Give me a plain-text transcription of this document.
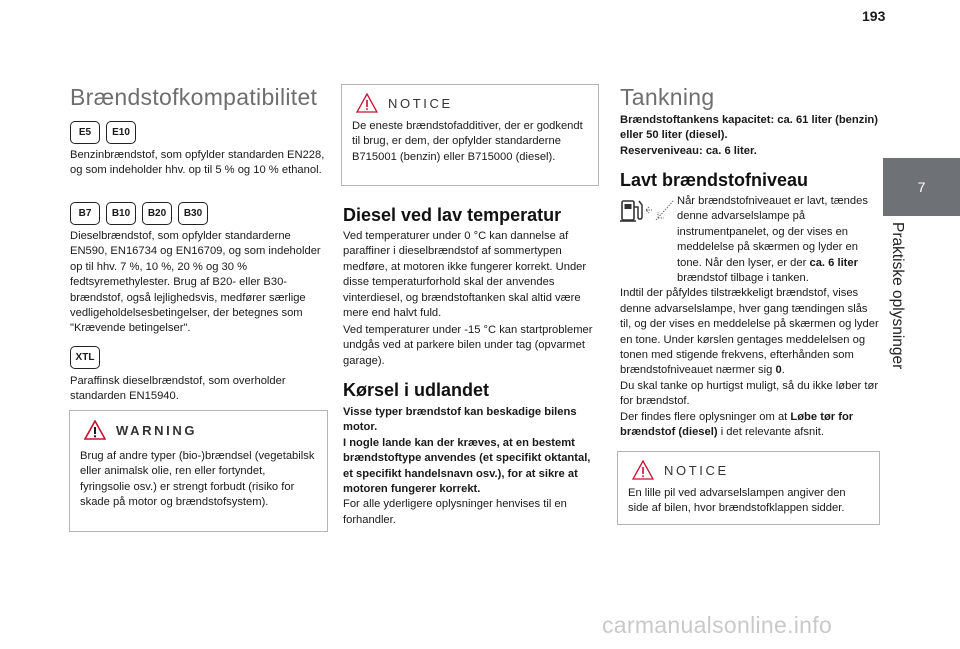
193
7
Praktiske oplysninger
Brændstofkompatibilitet
E5	E10
Benzinbrændstof, som opfylder standarden EN228, og som indeholder hhv. op til 5 % og 10 % ethanol.
B7	B10	B20	B30
Dieselbrændstof, som opfylder standarderne EN590, EN16734 og EN16709, og som indeholder op til hhv. 7 %, 10 %, 20 % og 30 % fedtsyremethylester. Brug af B20- eller B30-brændstof, også lejlighedsvis, medfører særlige vedligeholdelsesbetingelser, der betegnes som "Krævende betingelser".
XTL
Paraffinsk dieselbrændstof, som overholder standarden EN15940.
WARNING
Brug af andre typer (bio-)brændsel (vegetabilsk eller animalsk olie, ren eller fortyndet, fyringsolie osv.) er strengt forbudt (risiko for skade på motor og brændstofsystem).
NOTICE
De eneste brændstofadditiver, der er godkendt til brug, er dem, der opfylder standarderne B715001 (benzin) eller B715000 (diesel).
Diesel ved lav temperatur
Ved temperaturer under 0 °C kan dannelse af paraffiner i dieselbrændstof af sommertypen medføre, at motoren ikke fungerer korrekt. Under disse temperaturforhold skal der anvendes vinterdiesel, og brændstoftanken skal altid være mere end halvt fuld.
Ved temperaturer under -15 °C kan startproblemer undgås ved at parkere bilen under tag (opvarmet garage).
Kørsel i udlandet
Visse typer brændstof kan beskadige bilens motor.
I nogle lande kan der kræves, at en bestemt brændstoftype anvendes (et specifikt oktantal, et specifikt handelsnavn osv.), for at sikre at motoren fungerer korrekt.
For alle yderligere oplysninger henvises til en forhandler.
Tankning
Brændstoftankens kapacitet: ca. 61 liter (benzin) eller 50 liter (diesel).
Reserveniveau: ca. 6 liter.
Lavt brændstofniveau
Når brændstofniveauet er lavt, tændes denne advarselslampe på instrumentpanelet, og der vises en meddelelse på skærmen og lyder en tone. Når den lyser, er der ca. 6 liter brændstof tilbage i tanken.
Indtil der påfyldes tilstrækkeligt brændstof, vises denne advarselslampe, hver gang tændingen slås til, og der vises en meddelelse på skærmen og lyder en tone. Under kørslen gentages meddelelsen og tonen med stigende frekvens, efterhånden som brændstofniveauet nærmer sig 0.
Du skal tanke op hurtigst muligt, så du ikke løber tør for brændstof.
Der findes flere oplysninger om at Løbe tør for brændstof (diesel) i det relevante afsnit.
NOTICE
En lille pil ved advarselslampen angiver den side af bilen, hvor brændstofklappen sidder.
carmanualsonline.info
